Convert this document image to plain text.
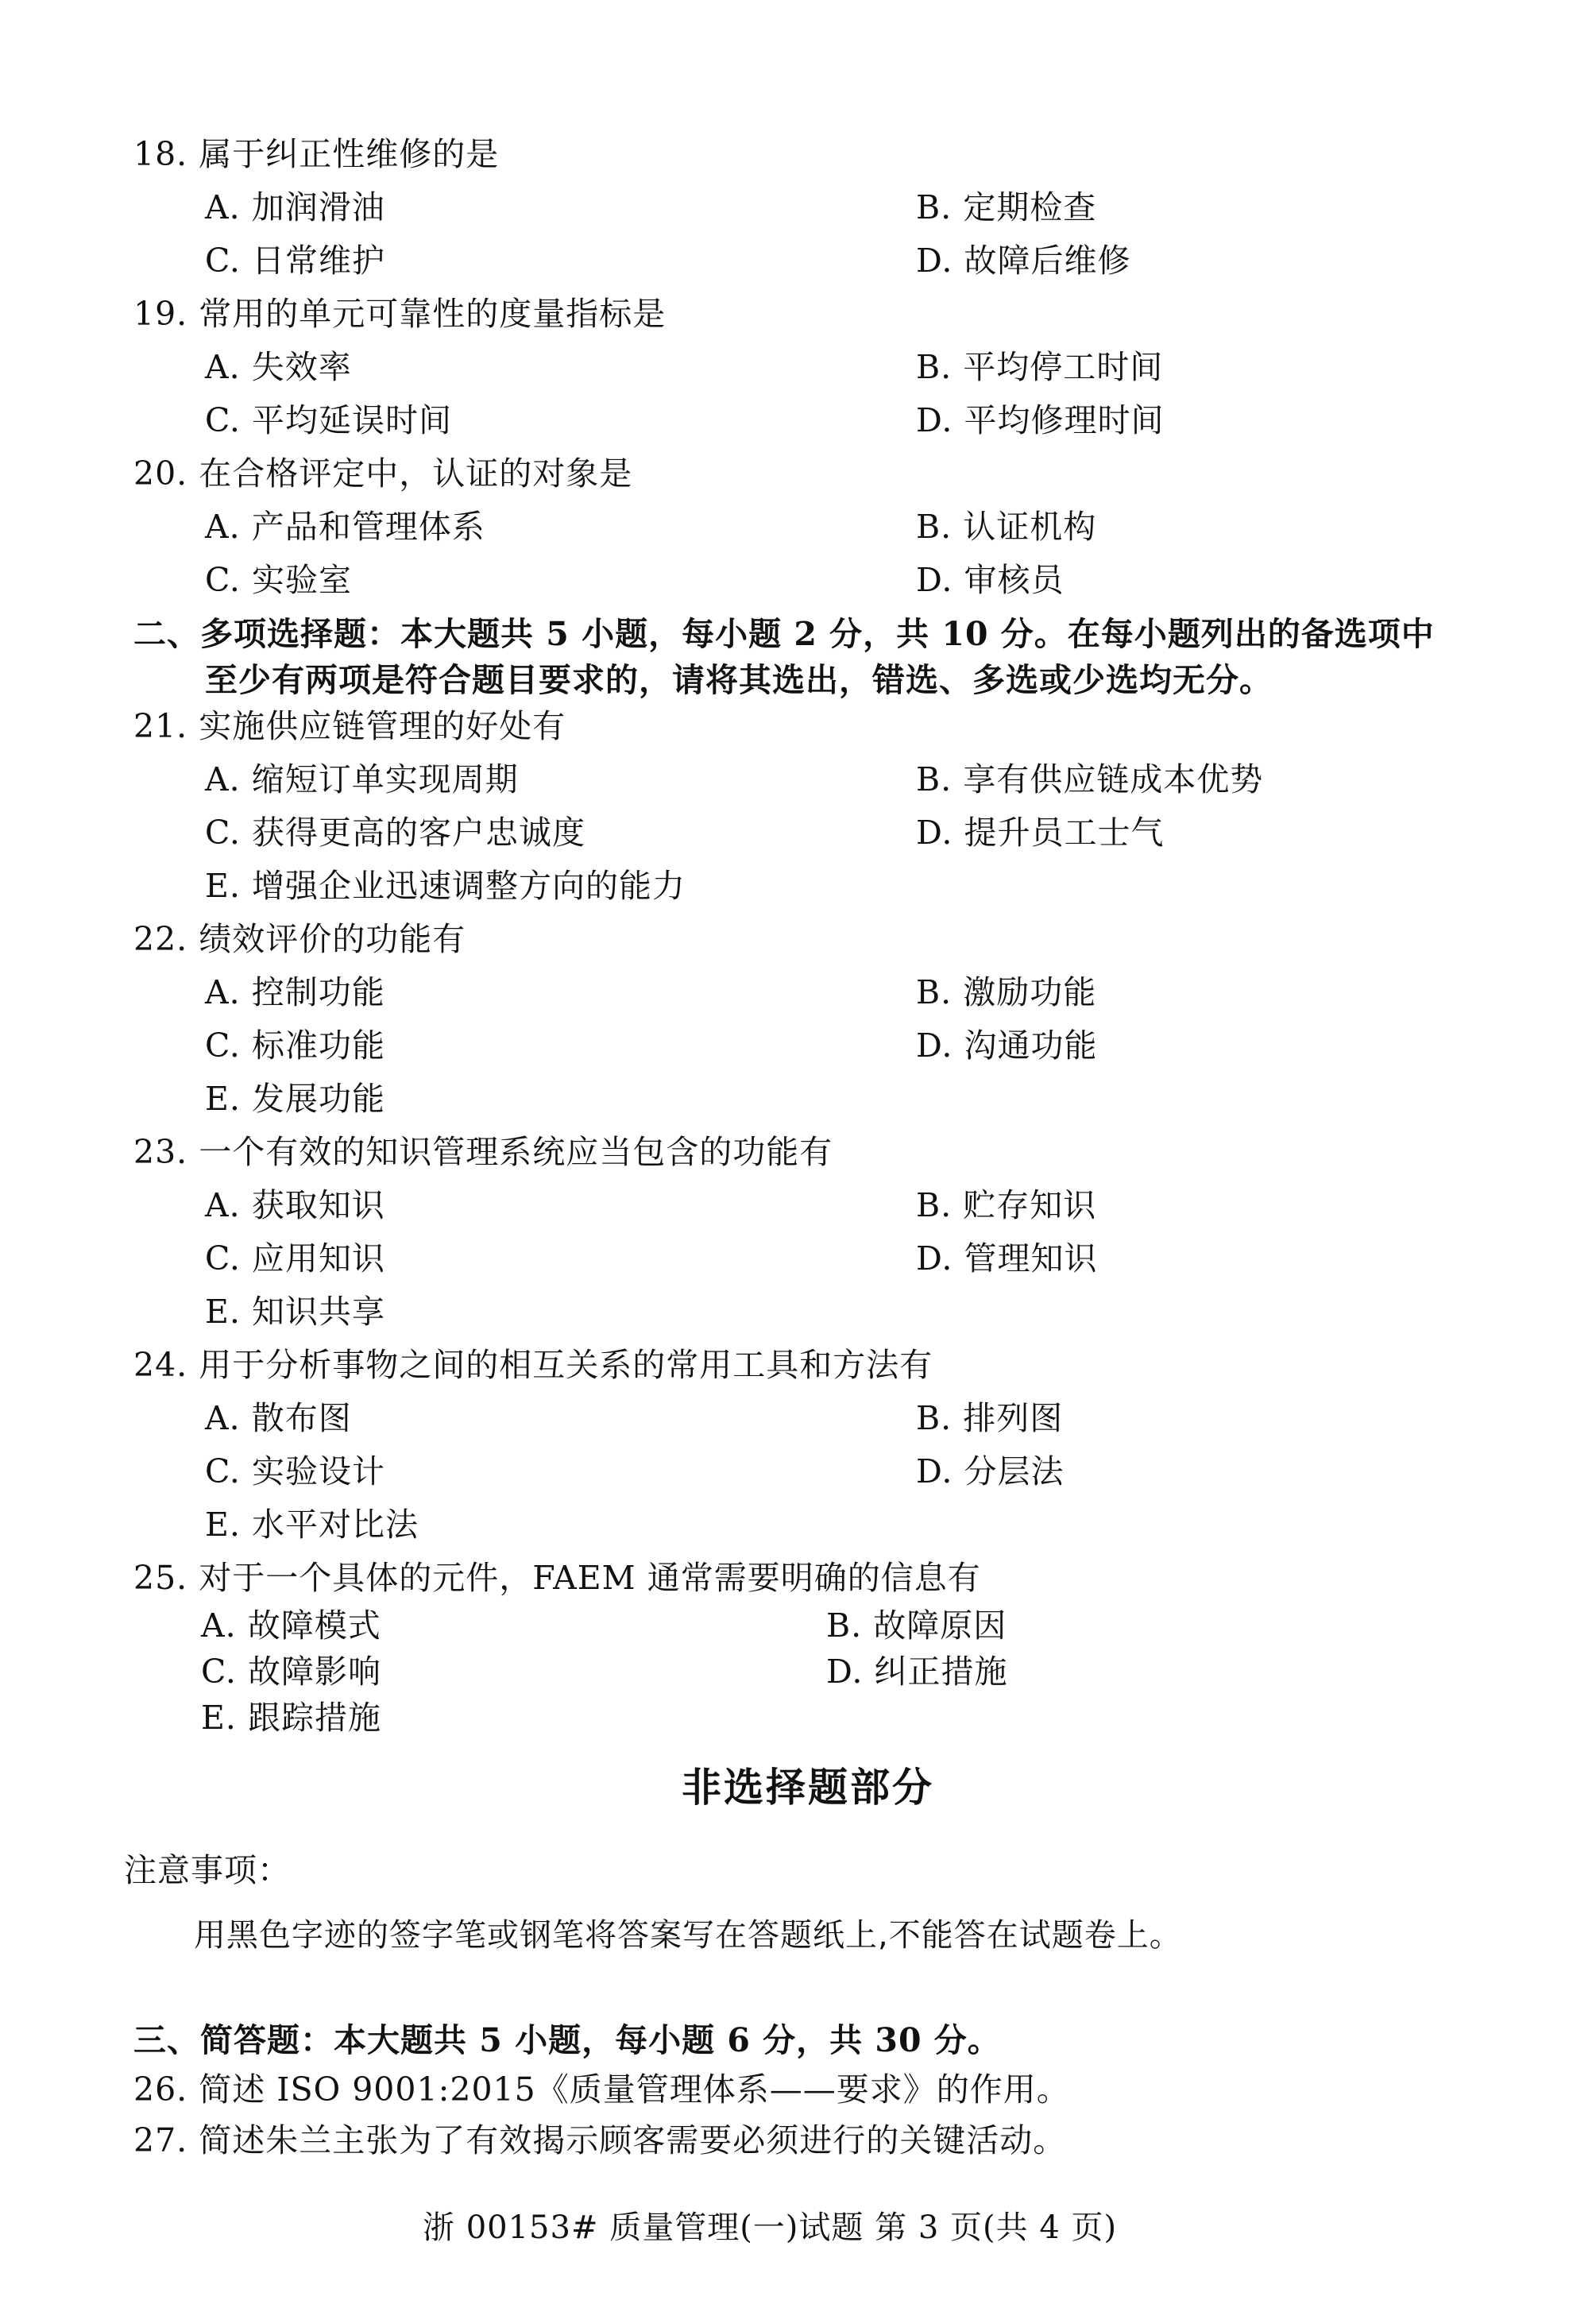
18. 属于纠正性维修的是
A. 加润滑油	B. 定期检查
C. 日常维护	D. 故障后维修
19. 常用的单元可靠性的度量指标是
A. 失效率	B. 平均停工时间
C. 平均延误时间	D. 平均修理时间
20. 在合格评定中，认证的对象是
A. 产品和管理体系	B. 认证机构
C. 实验室	D. 审核员
二、多项选择题：本大题共 5 小题，每小题 2 分，共 10 分。在每小题列出的备选项中
至少有两项是符合题目要求的，请将其选出，错选、多选或少选均无分。
21. 实施供应链管理的好处有
A. 缩短订单实现周期	B. 享有供应链成本优势
C. 获得更高的客户忠诚度	D. 提升员工士气
E. 增强企业迅速调整方向的能力
22. 绩效评价的功能有
A. 控制功能	B. 激励功能
C. 标准功能	D. 沟通功能
E. 发展功能
23. 一个有效的知识管理系统应当包含的功能有
A. 获取知识	B. 贮存知识
C. 应用知识	D. 管理知识
E. 知识共享
24. 用于分析事物之间的相互关系的常用工具和方法有
A. 散布图	B. 排列图
C. 实验设计	D. 分层法
E. 水平对比法
25. 对于一个具体的元件，FAEM 通常需要明确的信息有
A. 故障模式	B. 故障原因
C. 故障影响	D. 纠正措施
E. 跟踪措施
非选择题部分
注意事项：
用黑色字迹的签字笔或钢笔将答案写在答题纸上,不能答在试题卷上。
三、简答题：本大题共 5 小题，每小题 6 分，共 30 分。
26. 简述 ISO 9001:2015《质量管理体系——要求》的作用。
27. 简述朱兰主张为了有效揭示顾客需要必须进行的关键活动。
浙 00153# 质量管理(一)试题 第 3 页(共 4 页)
